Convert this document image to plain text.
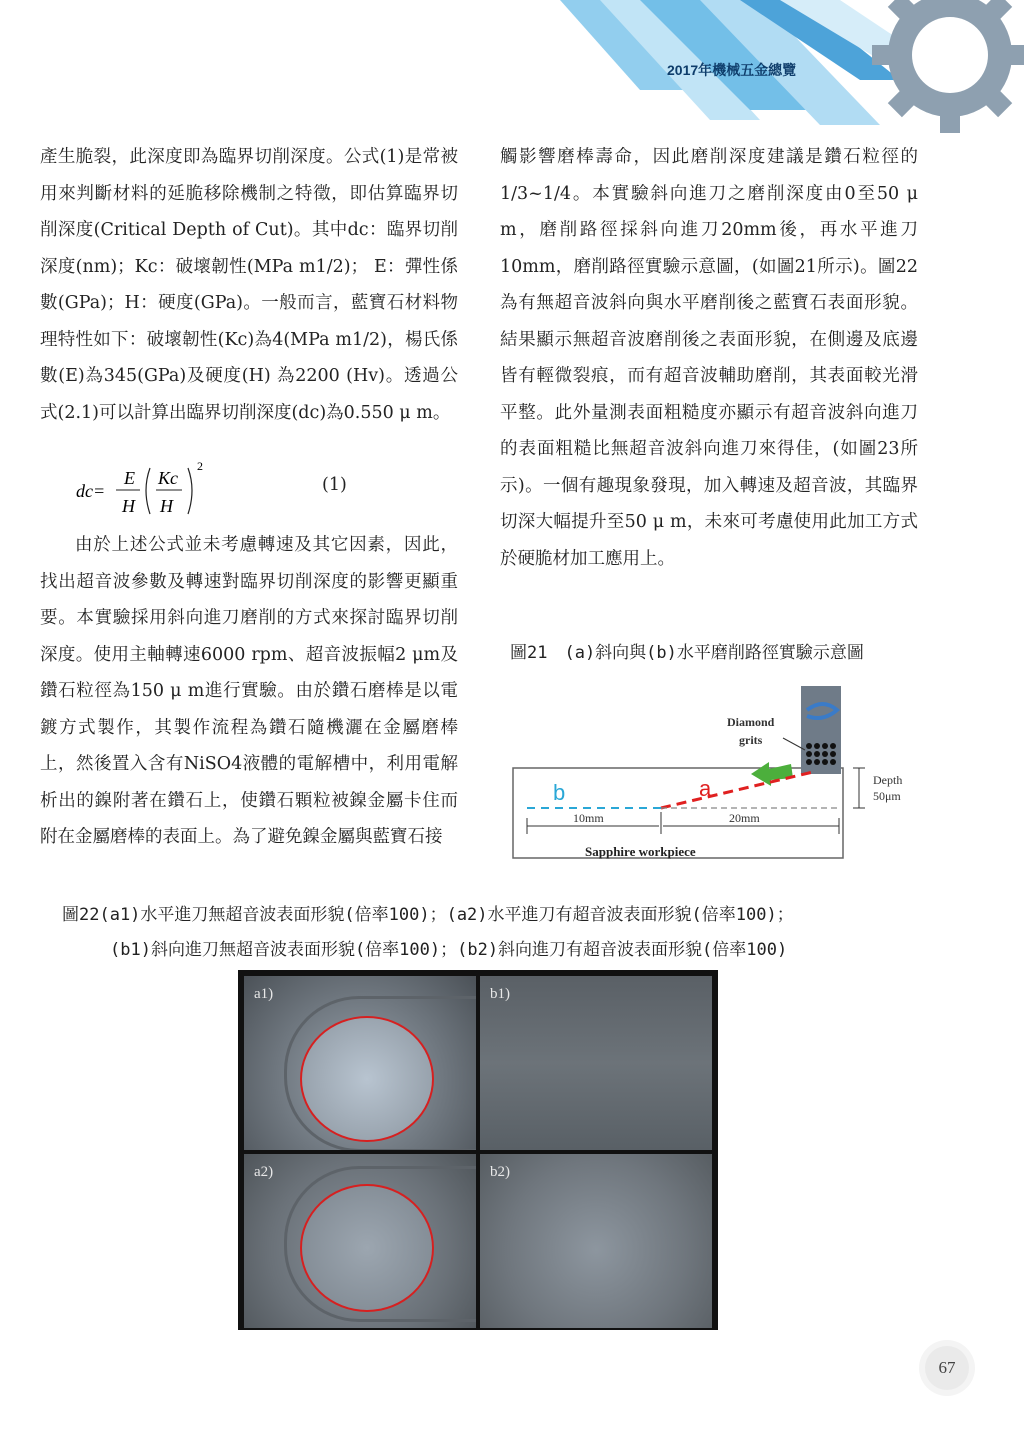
2017年機械五金總覽

產生脆裂，此深度即為臨界切削深度。公式(1)是常被用來判斷材料的延脆移除機制之特徵，即估算臨界切削深度(Critical Depth of Cut)。其中dc：臨界切削深度(nm)；Kc：破壞韌性(MPa m1/2)； E：彈性係數(GPa)；H：硬度(GPa)。一般而言，藍寶石材料物理特性如下：破壞韌性(Kc)為4(MPa m1/2)，楊氏係數(E)為345(GPa)及硬度(H) 為2200 (Hv)。透過公式(2.1)可以計算出臨界切削深度(dc)為0.550 μ m。

dc=
E
H
Kc
H
2
(1)

由於上述公式並未考慮轉速及其它因素，因此，找出超音波參數及轉速對臨界切削深度的影響更顯重要。本實驗採用斜向進刀磨削的方式來探討臨界切削深度。使用主軸轉速6000 rpm、超音波振幅2 μm及鑽石粒徑為150 μ m進行實驗。由於鑽石磨棒是以電鍍方式製作，其製作流程為鑽石隨機灑在金屬磨棒上，然後置入含有NiSO4液體的電解槽中，利用電解析出的鎳附著在鑽石上，使鑽石顆粒被鎳金屬卡住而附在金屬磨棒的表面上。為了避免鎳金屬與藍寶石接

觸影響磨棒壽命，因此磨削深度建議是鑽石粒徑的1/3~1/4。本實驗斜向進刀之磨削深度由0至50 μ m，磨削路徑採斜向進刀20mm後，再水平進刀10mm，磨削路徑實驗示意圖，(如圖21所示)。圖22為有無超音波斜向與水平磨削後之藍寶石表面形貌。結果顯示無超音波磨削後之表面形貌，在側邊及底邊皆有輕微裂痕，而有超音波輔助磨削，其表面較光滑平整。此外量測表面粗糙度亦顯示有超音波斜向進刀的表面粗糙比無超音波斜向進刀來得佳，(如圖23所示)。一個有趣現象發現，加入轉速及超音波，其臨界切深大幅提升至50 μ m，未來可考慮使用此加工方式於硬脆材加工應用上。

圖21　(a)斜向與(b)水平磨削路徑實驗示意圖
Diamond
grits
a
b	Depth
50μm
10mm	20mm
Sapphire workpiece
圖22(a1)水平進刀無超音波表面形貌(倍率100)；(a2)水平進刀有超音波表面形貌(倍率100)；
(b1)斜向進刀無超音波表面形貌(倍率100)；(b2)斜向進刀有超音波表面形貌(倍率100)
a1)	b1)
a2)	b2)
67
